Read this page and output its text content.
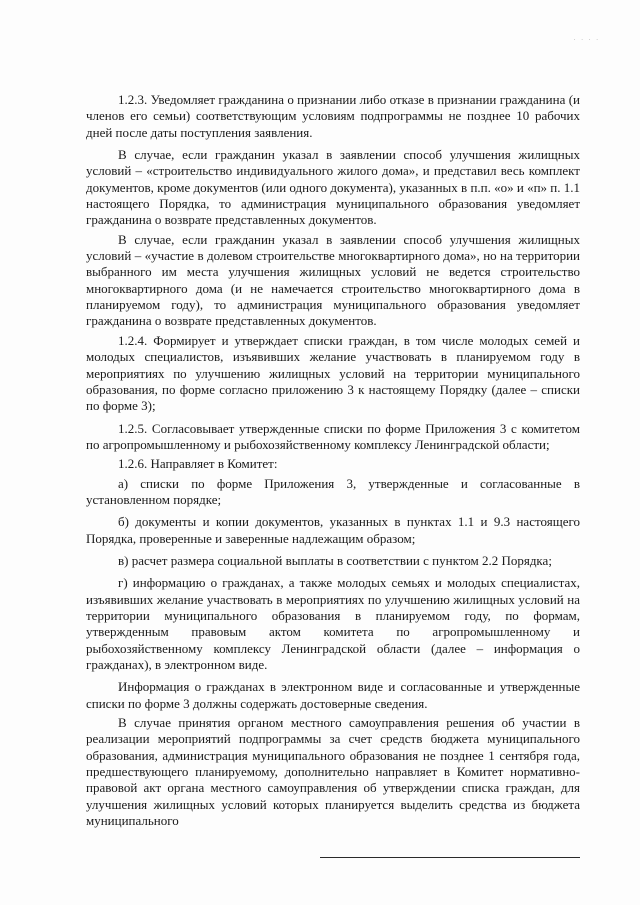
. . . .

1.2.3. Уведомляет гражданина о признании либо отказе в признании гражданина (и членов его семьи) соответствующим условиям подпрограммы не позднее 10 рабочих дней после даты поступления заявления.

В случае, если гражданин указал в заявлении способ улучшения жилищных условий – «строительство индивидуального жилого дома», и представил весь комплект документов, кроме документов (или одного документа), указанных в п.п. «о» и «п» п. 1.1 настоящего Порядка, то администрация муниципального образования уведомляет гражданина о возврате представленных документов.

В случае, если гражданин указал в заявлении способ улучшения жилищных условий – «участие в долевом строительстве многоквартирного дома», но на территории выбранного им места улучшения жилищных условий не ведется строительство многоквартирного дома (и не намечается строительство многоквартирного дома в планируемом году), то администрация муниципального образования уведомляет гражданина о возврате представленных документов.

1.2.4. Формирует и утверждает списки граждан, в том числе молодых семей и молодых специалистов, изъявивших желание участвовать в планируемом году в мероприятиях по улучшению жилищных условий на территории муниципального образования, по форме согласно приложению 3 к настоящему Порядку (далее – списки по форме 3);

1.2.5. Согласовывает утвержденные списки по форме Приложения 3 с комитетом по агропромышленному и рыбохозяйственному комплексу Ленинградской области;

1.2.6. Направляет в Комитет:

а) списки по форме Приложения 3, утвержденные и согласованные в установленном порядке;

б) документы и копии документов, указанных в пунктах 1.1 и 9.3 настоящего Порядка, проверенные и заверенные надлежащим образом;

в) расчет размера социальной выплаты в соответствии с пунктом 2.2 Порядка;

г) информацию о гражданах, а также молодых семьях и молодых специалистах, изъявивших желание участвовать в мероприятиях по улучшению жилищных условий на территории муниципального образования в планируемом году, по формам, утвержденным правовым актом комитета по агропромышленному и рыбохозяйственному комплексу Ленинградской области (далее – информация о гражданах), в электронном виде.

Информация о гражданах в электронном виде и согласованные и утвержденные списки по форме 3 должны содержать достоверные сведения.

В случае принятия органом местного самоуправления решения об участии в реализации мероприятий подпрограммы за счет средств бюджета муниципального образования, администрация муниципального образования не позднее 1 сентября года, предшествующего планируемому, дополнительно направляет в Комитет нормативно-правовой акт органа местного самоуправления об утверждении списка граждан, для улучшения жилищных условий которых планируется выделить средства из бюджета муниципального
